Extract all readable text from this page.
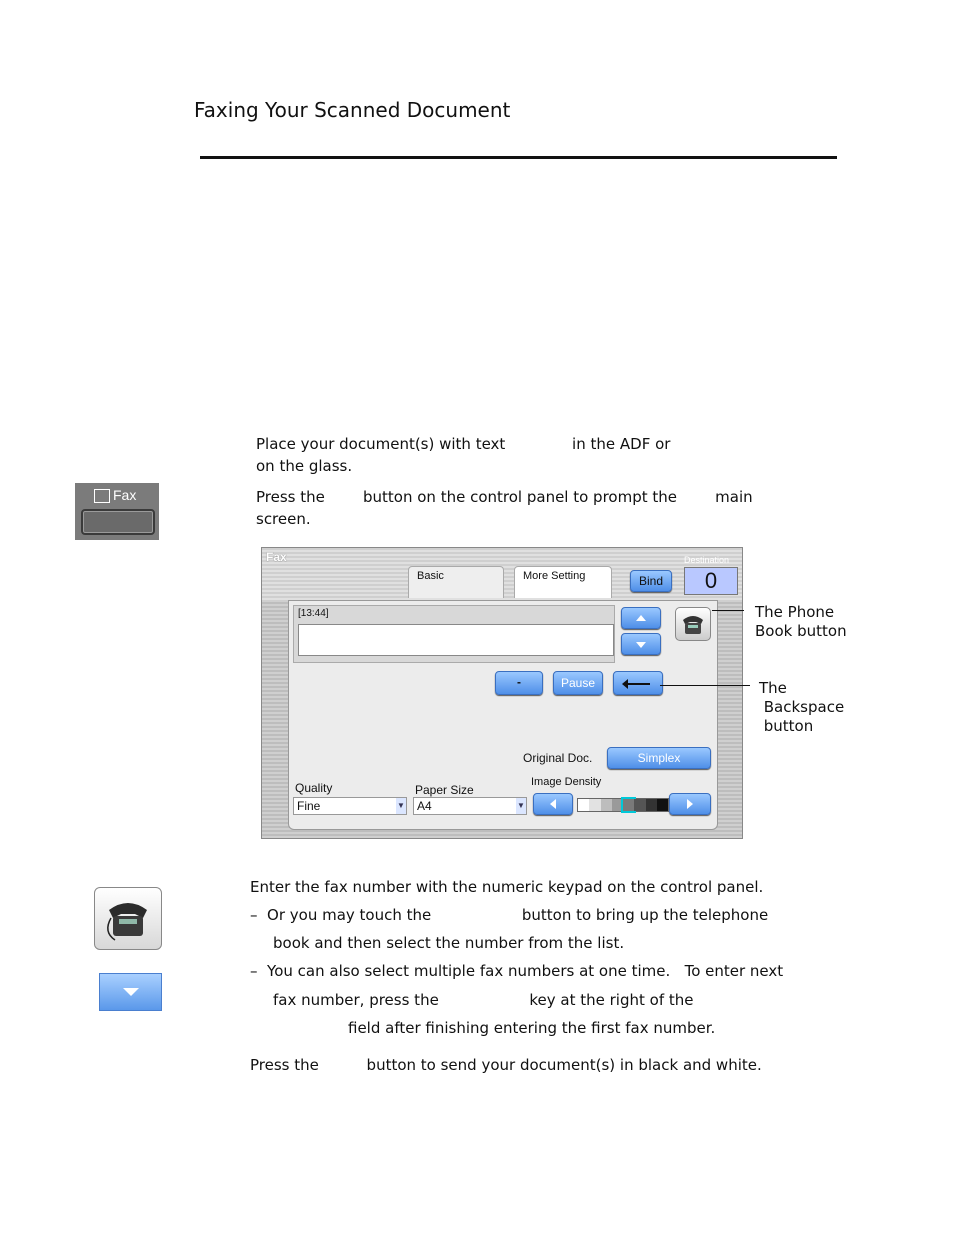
Faxing Your Scanned Document
Place your document(s) with text              in the ADF or
on the glass.
Fax	Press the        button on the control panel to prompt the        main
screen.
Fax
Basic	More Setting	Bind
Destination
0
[13:44]
-	Pause
Original Doc.	Simplex
Quality	Paper Size
Image Density
Fine	▼	A4	▼
The Phone
Book button
The
Backspace
button
Enter the fax number with the numeric keypad on the control panel.
–  Or you may touch the                   button to bring up the telephone
book and then select the number from the list.
–  You can also select multiple fax numbers at one time.   To enter next
fax number, press the                   key at the right of the
field after finishing entering the first fax number.
Press the          button to send your document(s) in black and white.
